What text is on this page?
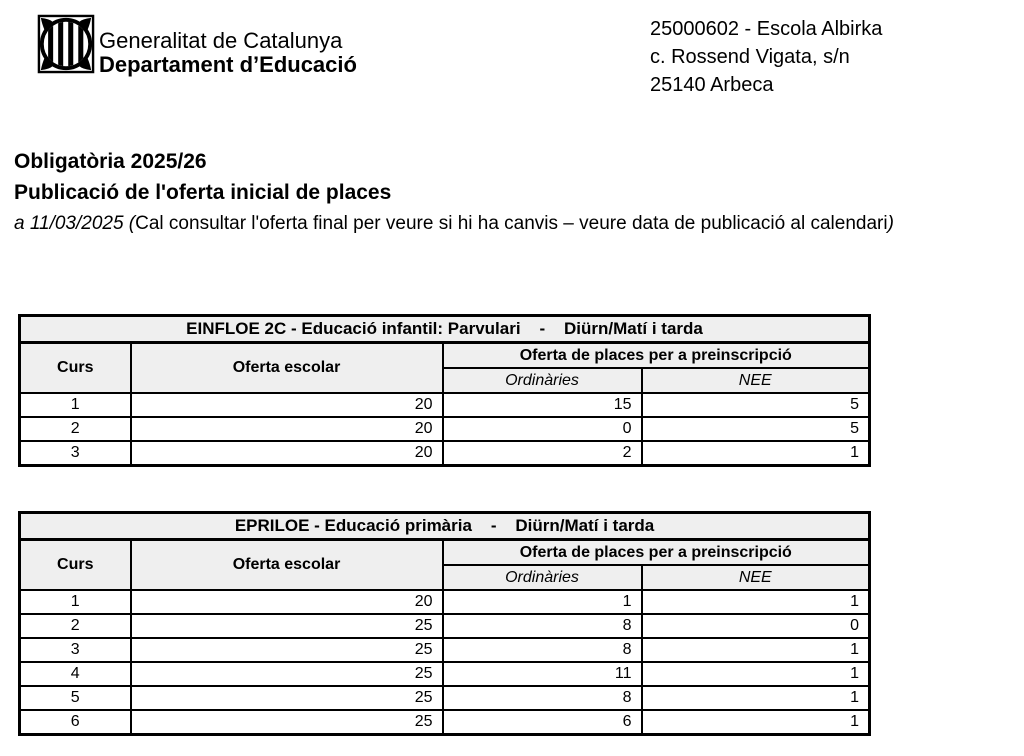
Generalitat de Catalunya
Departament d’Educació
25000602 - Escola Albirka
c. Rossend Vigata, s/n
25140 Arbeca
Obligatòria 2025/26
Publicació de l'oferta inicial de places
a 11/03/2025 (Cal consultar l'oferta final per veure si hi ha canvis – veure data de publicació al calendari)
EINFLOE 2C - Educació infantil: Parvulari    -    Diürn/Matí i tarda			
Curs	Oferta escolar	Oferta de places per a preinscripció	
		Ordinàries	NEE
1	20	15	5
2	20	0	5
3	20	2	1
EPRILOE - Educació primària    -    Diürn/Matí i tarda			
Curs	Oferta escolar	Oferta de places per a preinscripció	
		Ordinàries	NEE
1	20	1	1
2	25	8	0
3	25	8	1
4	25	11	1
5	25	8	1
6	25	6	1
